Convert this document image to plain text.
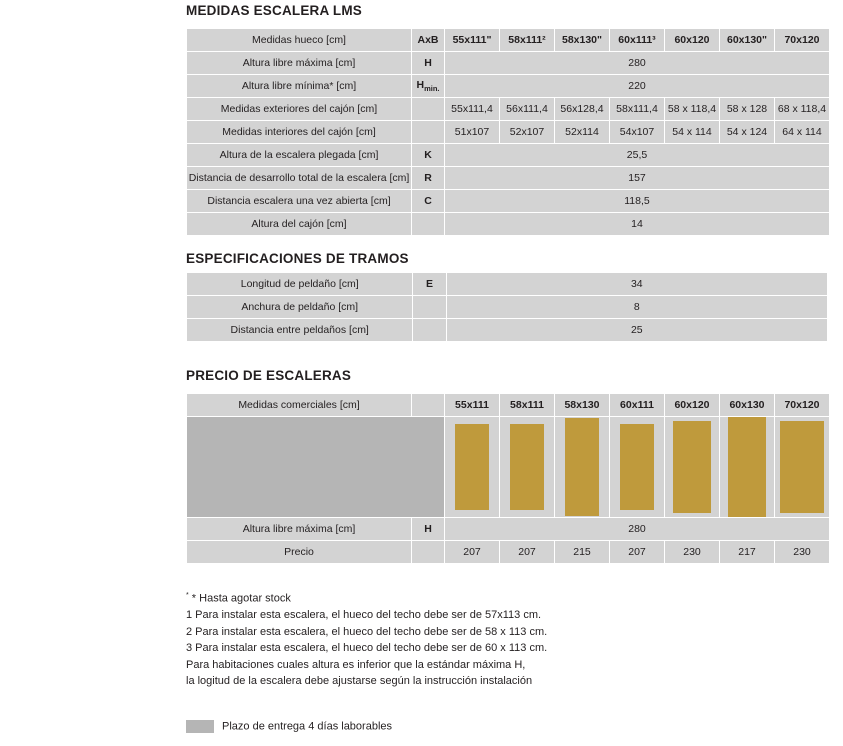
MEDIDAS ESCALERA LMS
Medidas hueco [cm]	AxB	55x111"	58x111²	58x130"	60x111³	60x120	60x130"	70x120
Altura libre máxima [cm]	H	280						
Altura libre mínima* [cm]	$H_{min.}$	220						
Medidas exteriores del cajón [cm]		55x111,4	56x111,4	56x128,4	58x111,4	58 x 118,4	58 x 128	68 x 118,4
Medidas interiores del cajón [cm]		51x107	52x107	52x114	54x107	54 x 114	54 x 124	64 x 114
Altura de la escalera plegada [cm]	K	25,5						
Distancia de desarrollo total de la escalera [cm]	R	157						
Distancia escalera una vez abierta [cm]	C	118,5						
Altura del cajón [cm]		14						
ESPECIFICACIONES DE TRAMOS
Longitud de peldaño [cm]	E	34
Anchura de peldaño [cm]		8
Distancia entre peldaños [cm]		25
PRECIO DE ESCALERAS
Medidas comerciales [cm]		55x111	58x111	58x130	60x111	60x120	60x130	70x120

Altura libre máxima [cm]	H	280						
Precio		207	207	215	207	230	217	230
* * Hasta agotar stock
1 Para instalar esta escalera, el hueco del techo debe ser de 57x113 cm.
2 Para instalar esta escalera, el hueco del techo debe ser de 58 x 113 cm.
3 Para instalar esta escalera, el hueco del techo debe ser de 60 x 113 cm.
Para habitaciones cuales altura es inferior que la estándar máxima H,
la logitud de la escalera debe ajustarse según la instrucción instalación
Plazo de entrega 4 días laborables
